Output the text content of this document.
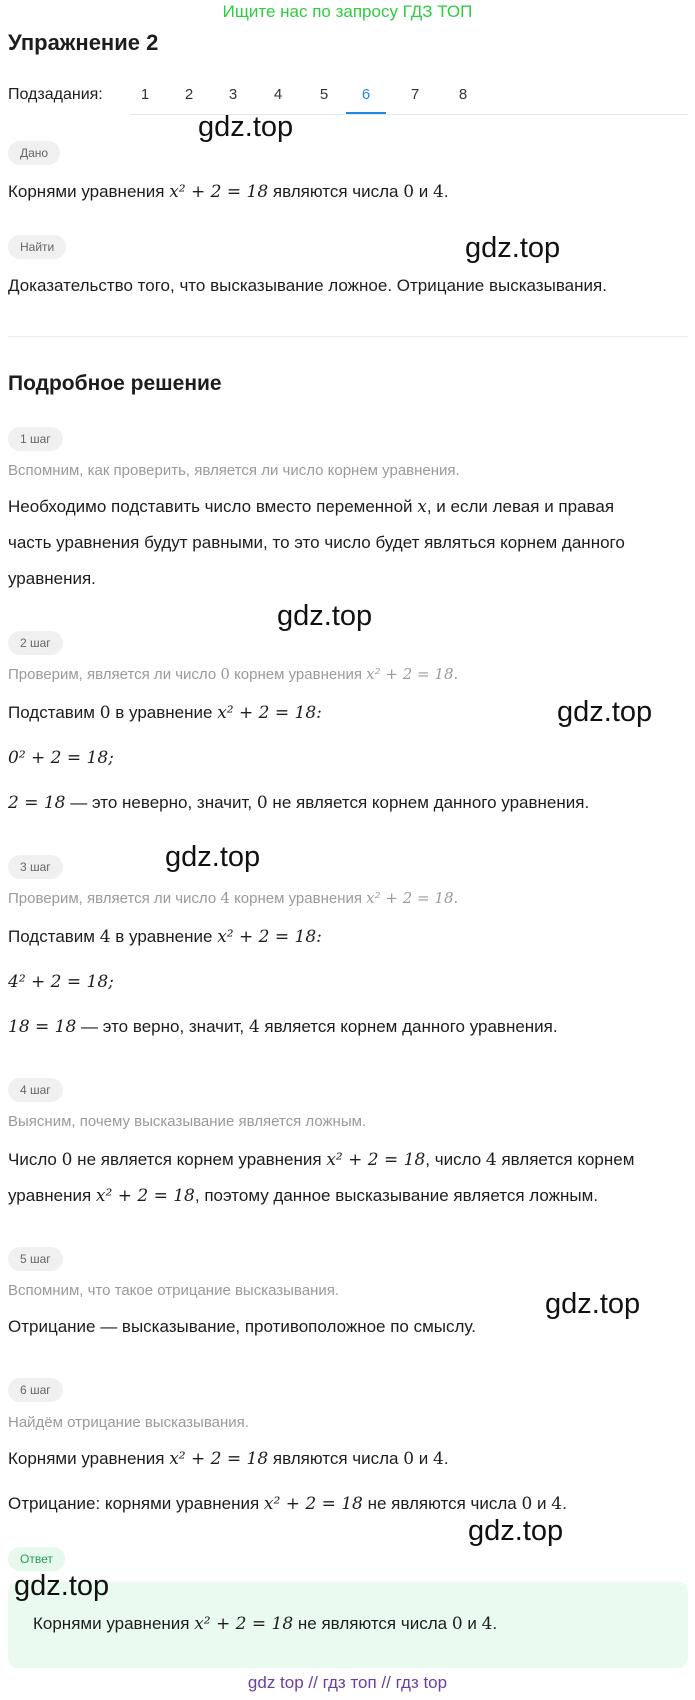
Ищите нас по запросу ГДЗ ТОП
Упражнение 2
Подзадания:	1	2	3	4	5	6	7	8
Дано
Корнями уравнения x² + 2 = 18 являются числа 0 и 4.
Найти
Доказательство того, что высказывание ложное. Отрицание высказывания.
Подробное решение
1 шаг
Вспомним, как проверить, является ли число корнем уравнения.
Необходимо подставить число вместо переменной x, и если левая и правая
часть уравнения будут равными, то это число будет являться корнем данного
уравнения.
2 шаг
Проверим, является ли число 0 корнем уравнения x² + 2 = 18.
Подставим 0 в уравнение x² + 2 = 18:
0² + 2 = 18;
2 = 18 — это неверно, значит, 0 не является корнем данного уравнения.
3 шаг
Проверим, является ли число 4 корнем уравнения x² + 2 = 18.
Подставим 4 в уравнение x² + 2 = 18:
4² + 2 = 18;
18 = 18 — это верно, значит, 4 является корнем данного уравнения.
4 шаг
Выясним, почему высказывание является ложным.
Число 0 не является корнем уравнения x² + 2 = 18, число 4 является корнем
уравнения x² + 2 = 18, поэтому данное высказывание является ложным.
5 шаг
Вспомним, что такое отрицание высказывания.
Отрицание — высказывание, противоположное по смыслу.
6 шаг
Найдём отрицание высказывания.
Корнями уравнения x² + 2 = 18 являются числа 0 и 4.
Отрицание: корнями уравнения x² + 2 = 18 не являются числа 0 и 4.
Ответ
Корнями уравнения x² + 2 = 18 не являются числа 0 и 4.
gdz.top
gdz.top
gdz.top
gdz.top
gdz.top
gdz.top
gdz.top
gdz.top
gdz top // гдз топ // гдз top
